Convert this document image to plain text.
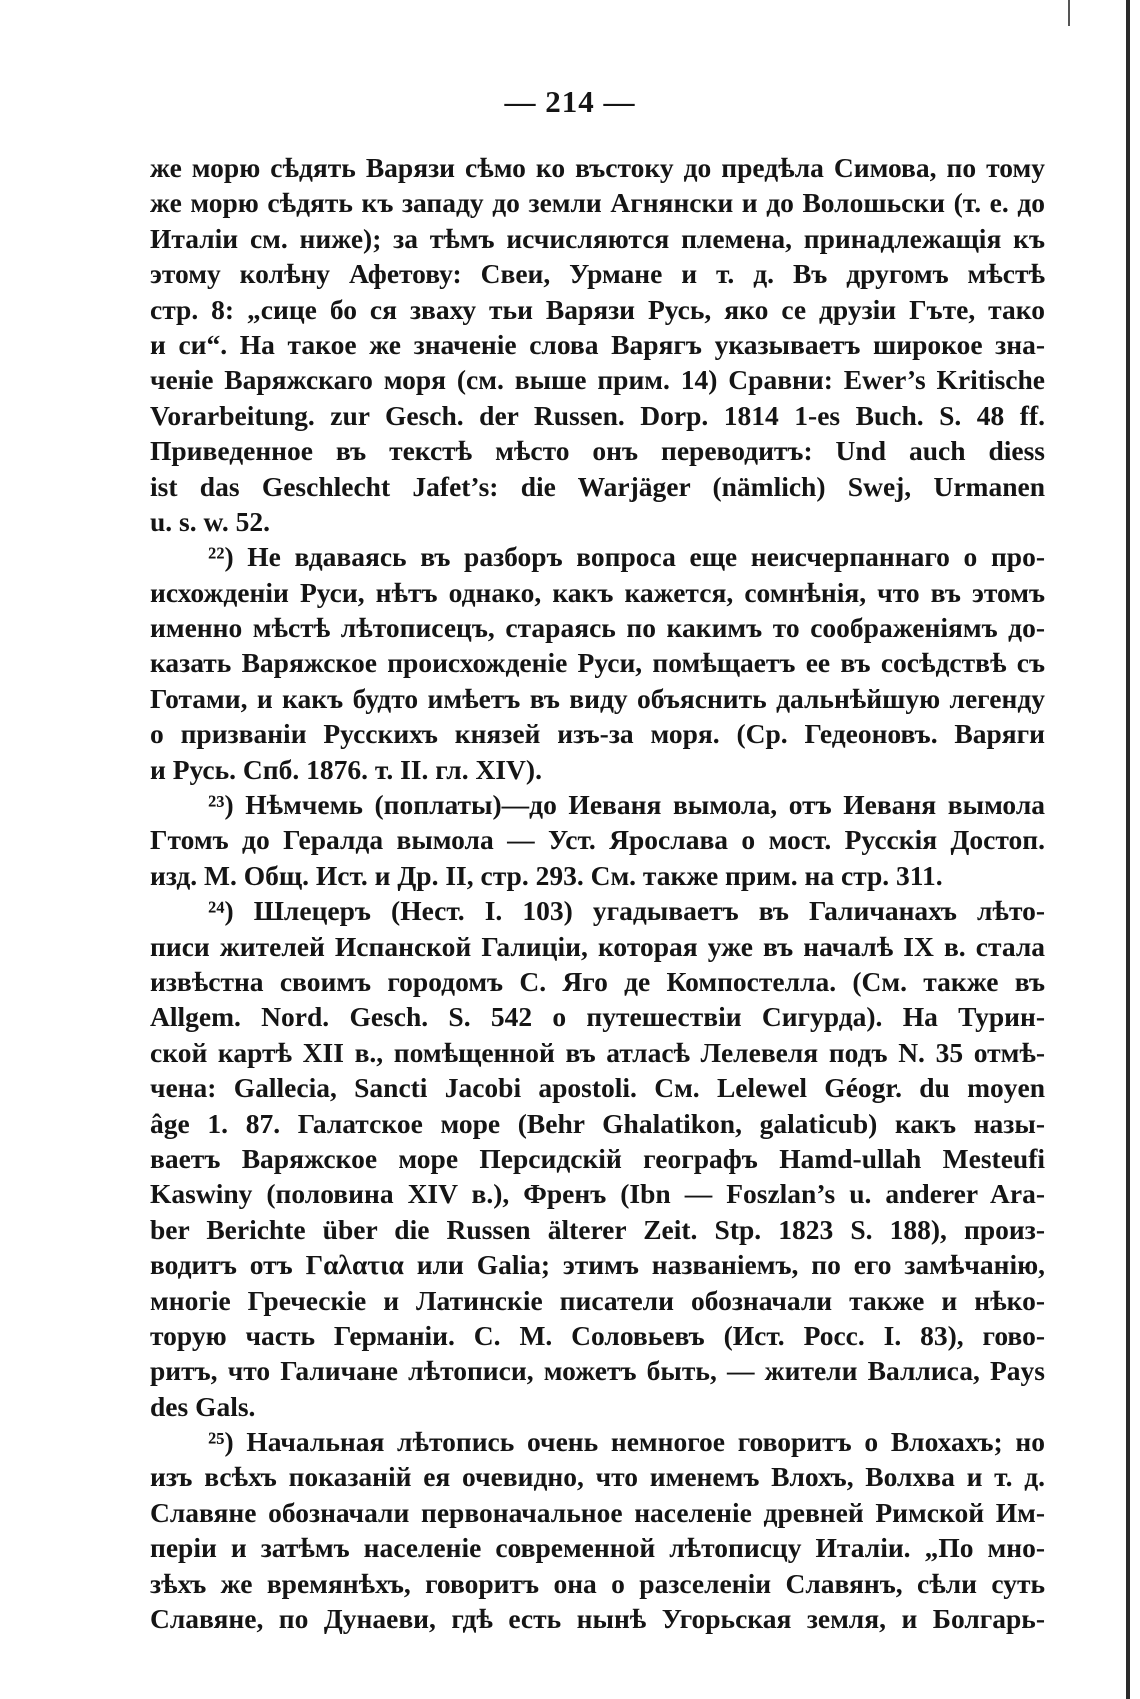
— 214 —
же морю сѣдять Варязи сѣмо ко въстоку до предѣла Симова, по тому
же морю сѣдять къ западу до земли Агнянски и до Волошьски (т. е. до
Италіи см. ниже); за тѣмъ исчисляются племена, принадлежащія къ
этому колѣну Афетову: Свеи, Урмане и т. д. Въ другомъ мѣстѣ
стр. 8: „сице бо ся зваху тьи Варязи Русь, яко се друзіи Гъте, тако
и си“. На такое же значеніе слова Варягъ указываетъ широкое зна-
ченіе Варяжскаго моря (см. выше прим. 14) Сравни: Ewer’s Kritische
Vorarbeitung. zur Gesch. der Russen. Dorp. 1814 1-es Buch. S. 48 ff.
Приведенное въ текстѣ мѣсто онъ переводитъ: Und auch diess
ist das Geschlecht Jafet’s: die Warjäger (nämlich) Swej, Urmanen
u. s. w. 52.
²²) Не вдаваясь въ разборъ вопроса еще неисчерпаннаго о про-
исхожденіи Руси, нѣтъ однако, какъ кажется, сомнѣнія, что въ этомъ
именно мѣстѣ лѣтописецъ, стараясь по какимъ то соображеніямъ до-
казать Варяжское происхожденіе Руси, помѣщаетъ ее въ сосѣдствѣ съ
Готами, и какъ будто имѣетъ въ виду объяснить дальнѣйшую легенду
о призваніи Русскихъ князей изъ-за моря. (Ср. Гедеоновъ. Варяги
и Русь. Спб. 1876. т. II. гл. XIV).
²³) Нѣмчемь (поплаты)—до Иеваня вымола, отъ Иеваня вымола
Гтомъ до Гералда вымола — Уст. Ярослава о мост. Русскія Достоп.
изд. М. Общ. Ист. и Др. II, стр. 293. См. также прим. на стр. 311.
²⁴) Шлецеръ (Нест. I. 103) угадываетъ въ Галичанахъ лѣто-
писи жителей Испанской Галиціи, которая уже въ началѣ IX в. стала
извѣстна своимъ городомъ С. Яго де Компостелла. (См. также въ
Allgem. Nord. Gesch. S. 542 о путешествіи Сигурда). На Турин-
ской картѣ XII в., помѣщенной въ атласѣ Лелевеля подъ N. 35 отмѣ-
чена: Gallecia, Sancti Jacobi apostoli. См. Lelewel Géogr. du moyen
âge 1. 87. Галатское море (Behr Ghalatikon, galaticub) какъ назы-
ваетъ Варяжское море Персидскій географъ Hamd-ullah Mesteufi
Kaswiny (половина XIV в.), Френъ (Ibn — Foszlan’s u. anderer Ara-
ber Berichte über die Russen älterer Zeit. Stp. 1823 S. 188), произ-
водитъ отъ Γαλατια или Galia; этимъ названіемъ, по его замѣчанію,
многіе Греческіе и Латинскіе писатели обозначали также и нѣко-
торую часть Германіи. С. М. Соловьевъ (Ист. Росс. I. 83), гово-
ритъ, что Галичане лѣтописи, можетъ быть, — жители Валлиса, Pays
des Gals.
²⁵) Начальная лѣтопись очень немногое говоритъ о Влохахъ; но
изъ всѣхъ показаній ея очевидно, что именемъ Влохъ, Волхва и т. д.
Славяне обозначали первоначальное населеніе древней Римской Им-
періи и затѣмъ населеніе современной лѣтописцу Италіи. „По мно-
зѣхъ же времянѣхъ, говоритъ она о разселеніи Славянъ, сѣли суть
Славяне, по Дунаеви, гдѣ есть нынѣ Угорьская земля, и Болгарь-
